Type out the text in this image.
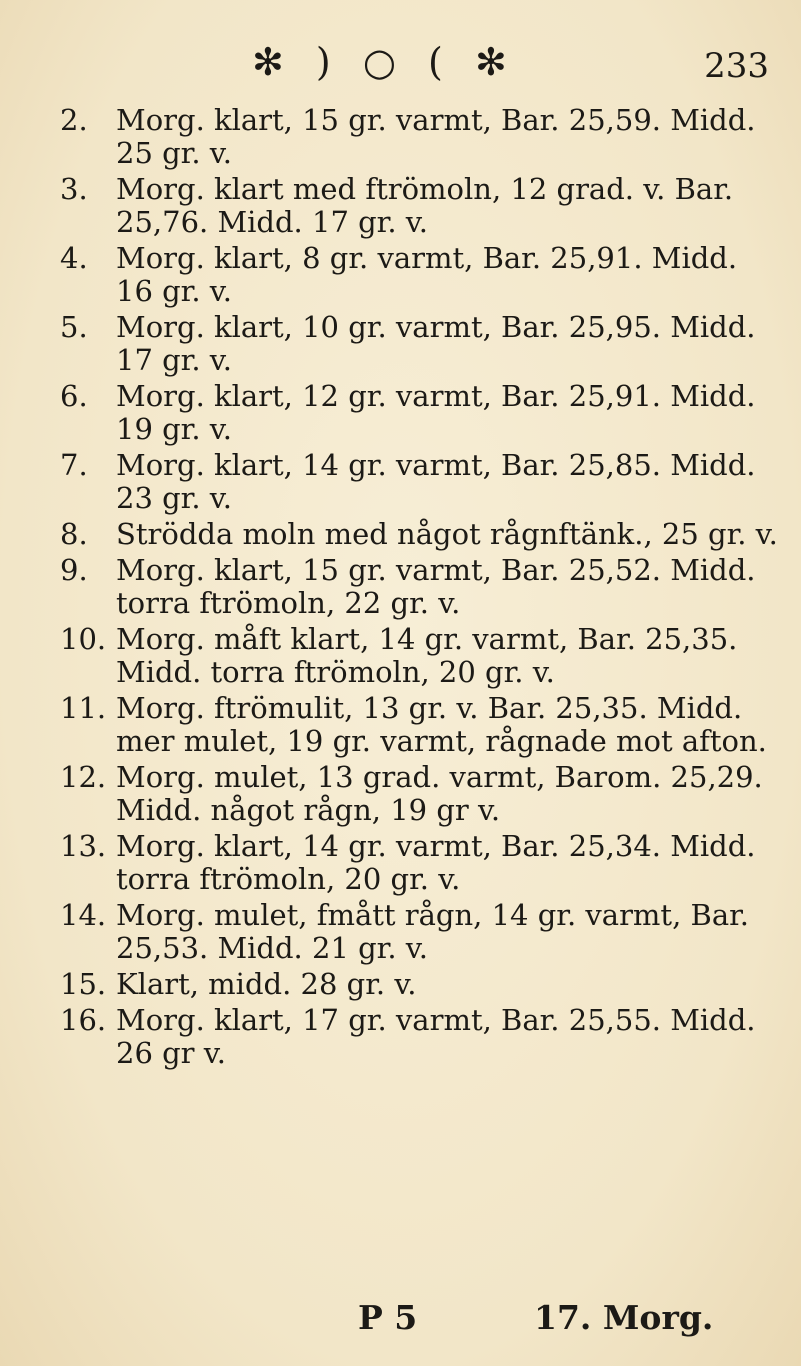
✻ ) ○ ( ✻	233
2. Morg. klart, 15 gr. varmt, Bar. 25,59. Midd. 25 gr. v.
3. Morg. klart med ftrömoln, 12 grad. v. Bar. 25,76. Midd. 17 gr. v.
4. Morg. klart, 8 gr. varmt, Bar. 25,91. Midd. 16 gr. v.
5. Morg. klart, 10 gr. varmt, Bar. 25,95. Midd. 17 gr. v.
6. Morg. klart, 12 gr. varmt, Bar. 25,91. Midd. 19 gr. v.
7. Morg. klart, 14 gr. varmt, Bar. 25,85. Midd. 23 gr. v.
8. Strödda moln med något rågnftänk., 25 gr. v.
9. Morg. klart, 15 gr. varmt, Bar. 25,52. Midd. torra ftrömoln, 22 gr. v.
10. Morg. måft klart, 14 gr. varmt, Bar. 25,35. Midd. torra ftrömoln, 20 gr. v.
11. Morg. ftrömulit, 13 gr. v. Bar. 25,35. Midd. mer mulet, 19 gr. varmt, rågnade mot afton.
12. Morg. mulet, 13 grad. varmt, Barom. 25,29. Midd. något rågn, 19 gr v.
13. Morg. klart, 14 gr. varmt, Bar. 25,34. Midd. torra ftrömoln, 20 gr. v.
14. Morg. mulet, fmått rågn, 14 gr. varmt, Bar. 25,53. Midd. 21 gr. v.
15. Klart, midd. 28 gr. v.
16. Morg. klart, 17 gr. varmt, Bar. 25,55. Midd. 26 gr v.
P 5	17. Morg.
